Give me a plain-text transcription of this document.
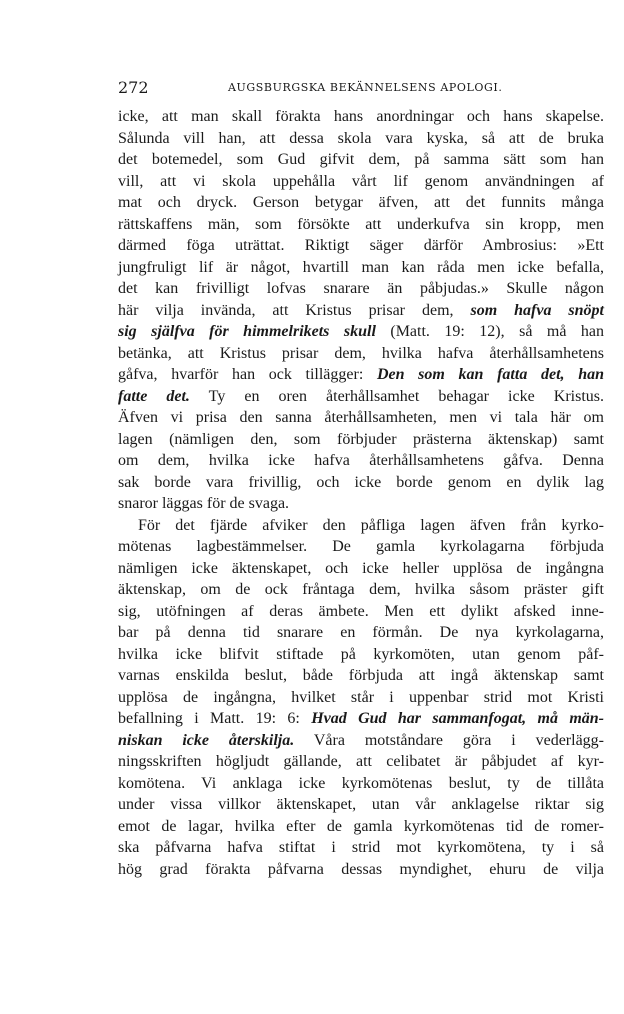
272	AUGSBURGSKA BEKÄNNELSENS APOLOGI.
icke, att man skall förakta hans anordningar och hans skapelse.
Sålunda vill han, att dessa skola vara kyska, så att de bruka
det botemedel, som Gud gifvit dem, på samma sätt som han
vill, att vi skola uppehålla vårt lif genom användningen af
mat och dryck. Gerson betygar äfven, att det funnits många
rättskaffens män, som försökte att underkufva sin kropp, men
därmed föga uträttat. Riktigt säger därför Ambrosius: »Ett
jungfruligt lif är något, hvartill man kan råda men icke befalla,
det kan frivilligt lofvas snarare än påbjudas.» Skulle någon
här vilja invända, att Kristus prisar dem, som hafva snöpt
sig själfva för himmelrikets skull (Matt. 19: 12), så må han
betänka, att Kristus prisar dem, hvilka hafva återhållsamhetens
gåfva, hvarför han ock tillägger: Den som kan fatta det, han
fatte det. Ty en oren återhållsamhet behagar icke Kristus.
Äfven vi prisa den sanna återhållsamheten, men vi tala här om
lagen (nämligen den, som förbjuder prästerna äktenskap) samt
om dem, hvilka icke hafva återhållsamhetens gåfva. Denna
sak borde vara frivillig, och icke borde genom en dylik lag
snaror läggas för de svaga.
För det fjärde afviker den påfliga lagen äfven från kyrko-
mötenas lagbestämmelser. De gamla kyrkolagarna förbjuda
nämligen icke äktenskapet, och icke heller upplösa de ingångna
äktenskap, om de ock fråntaga dem, hvilka såsom präster gift
sig, utöfningen af deras ämbete. Men ett dylikt afsked inne-
bar på denna tid snarare en förmån. De nya kyrkolagarna,
hvilka icke blifvit stiftade på kyrkomöten, utan genom påf-
varnas enskilda beslut, både förbjuda att ingå äktenskap samt
upplösa de ingångna, hvilket står i uppenbar strid mot Kristi
befallning i Matt. 19: 6: Hvad Gud har sammanfogat, må män-
niskan icke återskilja. Våra motståndare göra i vederlägg-
ningsskriften högljudt gällande, att celibatet är påbjudet af kyr-
komötena. Vi anklaga icke kyrkomötenas beslut, ty de tillåta
under vissa villkor äktenskapet, utan vår anklagelse riktar sig
emot de lagar, hvilka efter de gamla kyrkomötenas tid de romer-
ska påfvarna hafva stiftat i strid mot kyrkomötena, ty i så
hög grad förakta påfvarna dessas myndighet, ehuru de vilja
